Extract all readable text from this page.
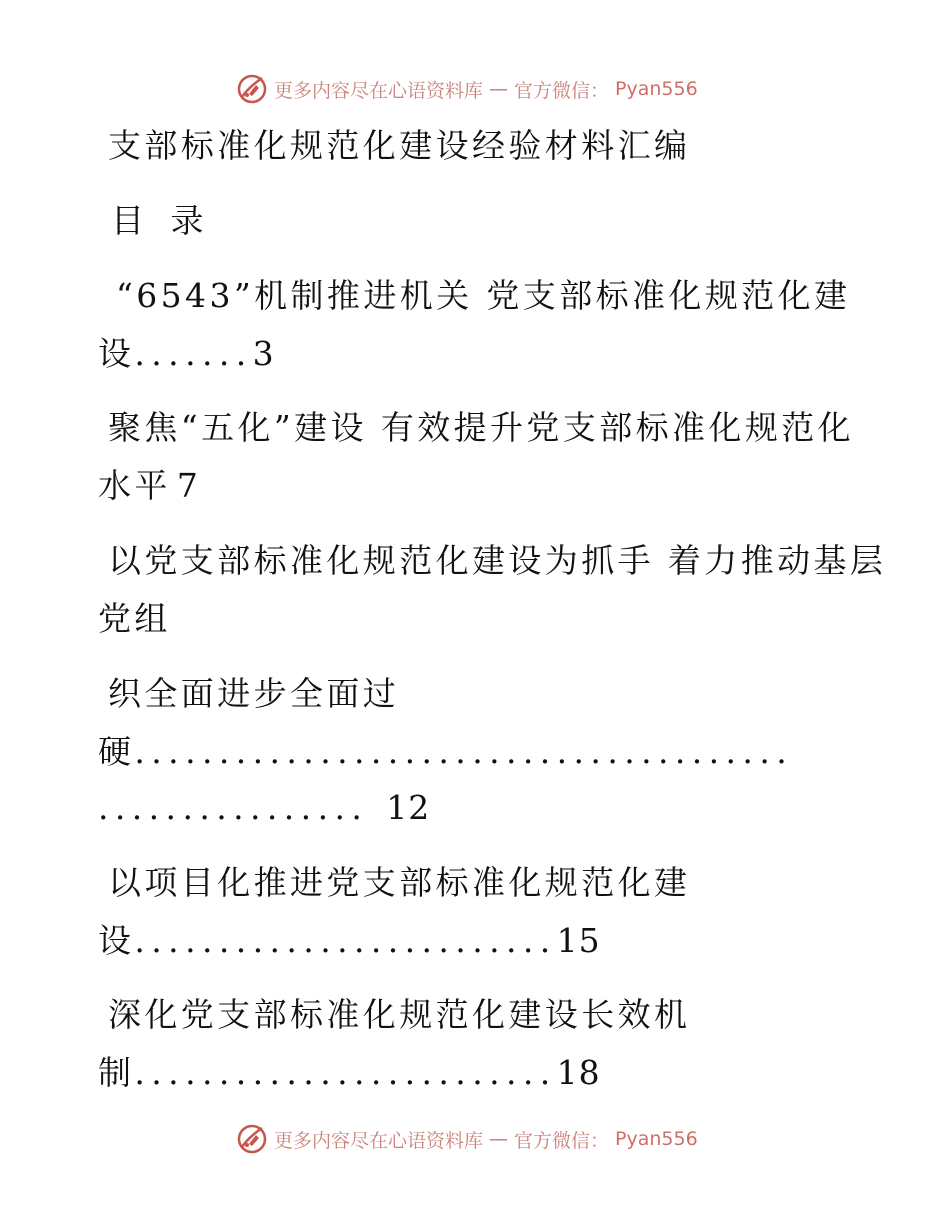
更多内容尽在心语资料库 — 官方微信： Pyan556

支部标准化规范化建设经验材料汇编

目 录

“6543”机制推进机关 党支部标准化规范化建

设.......3

聚焦“五化”建设 有效提升党支部标准化规范化

水平 7

以党支部标准化规范化建设为抓手 着力推动基层

党组

织全面进步全面过

硬.......................................

................ 12

以项目化推进党支部标准化规范化建

设.........................15

深化党支部标准化规范化建设长效机

制.........................18

更多内容尽在心语资料库 — 官方微信： Pyan556
